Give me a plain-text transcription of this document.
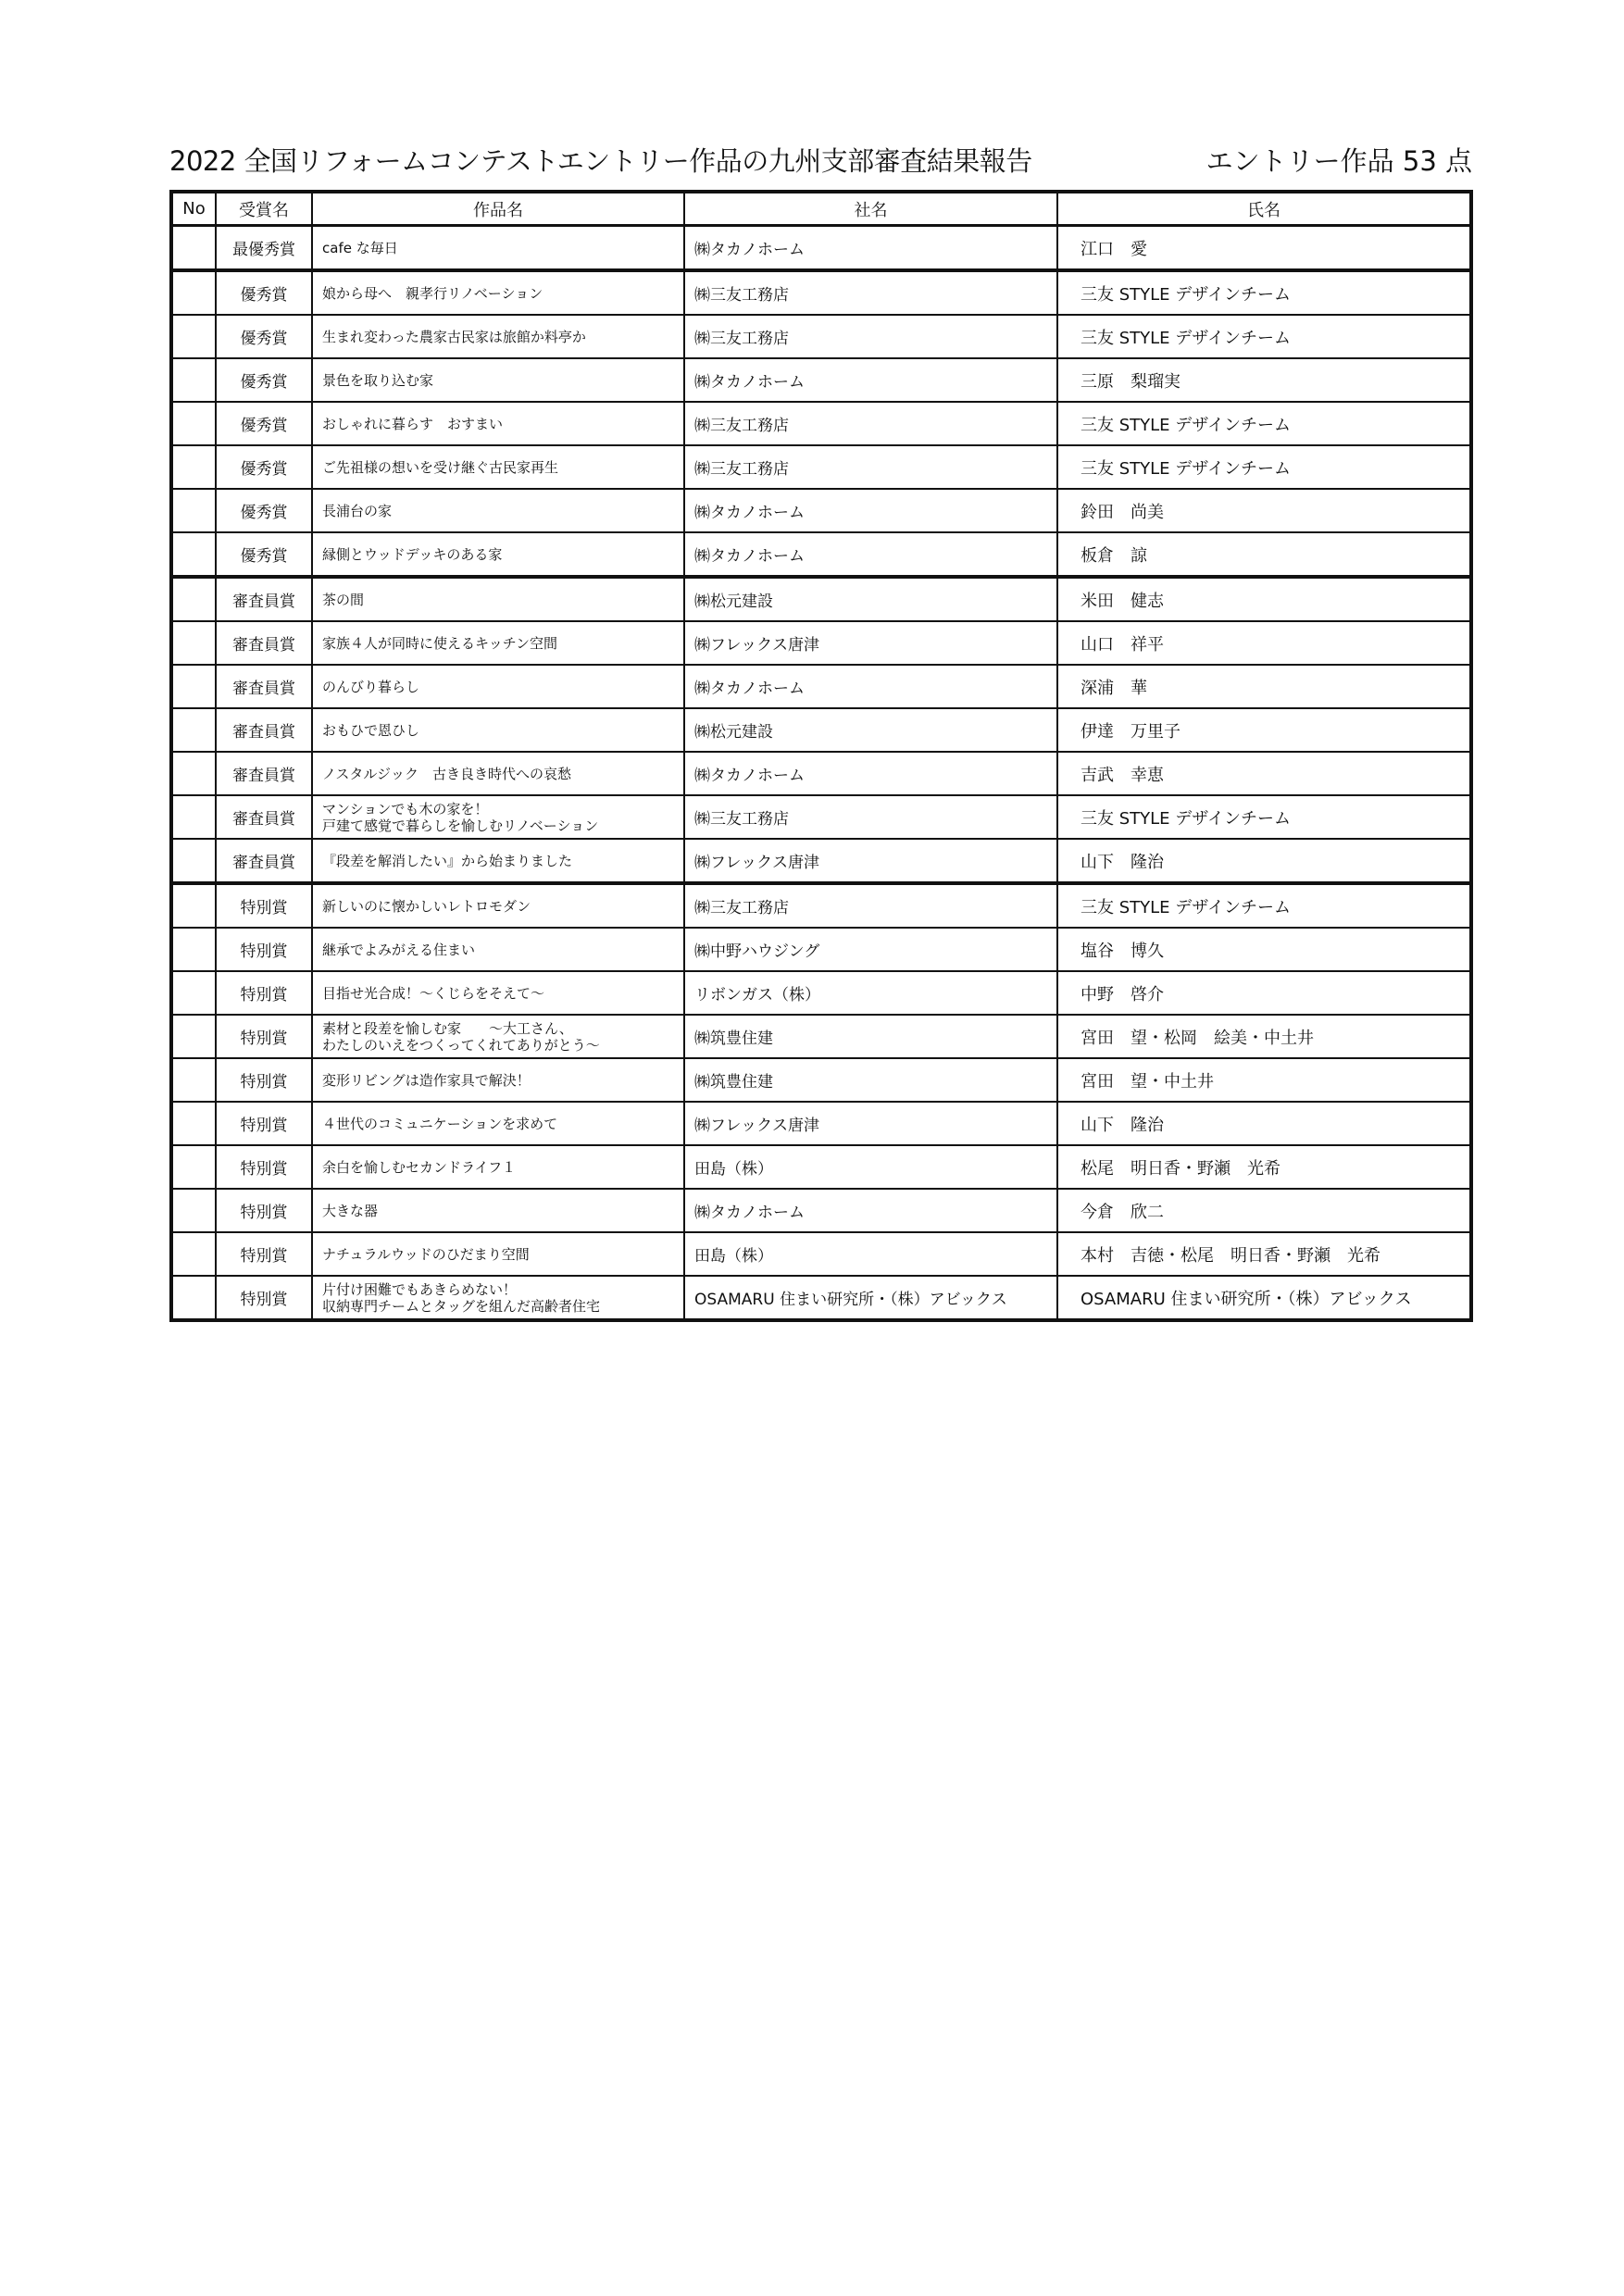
2022 全国リフォームコンテストエントリー作品の九州支部審査結果報告	エントリー作品 53 点
No	受賞名	作品名	社名	氏名
	最優秀賞	cafe な毎日	㈱タカノホーム	江口　愛
	優秀賞	娘から母へ　親孝行リノベーション	㈱三友工務店	三友 STYLE デザインチーム
	優秀賞	生まれ変わった農家古民家は旅館か料亭か	㈱三友工務店	三友 STYLE デザインチーム
	優秀賞	景色を取り込む家	㈱タカノホーム	三原　梨瑠実
	優秀賞	おしゃれに暮らす　おすまい	㈱三友工務店	三友 STYLE デザインチーム
	優秀賞	ご先祖様の想いを受け継ぐ古民家再生	㈱三友工務店	三友 STYLE デザインチーム
	優秀賞	長浦台の家	㈱タカノホーム	鈴田　尚美
	優秀賞	縁側とウッドデッキのある家	㈱タカノホーム	板倉　諒
	審査員賞	茶の間	㈱松元建設	米田　健志
	審査員賞	家族４人が同時に使えるキッチン空間	㈱フレックス唐津	山口　祥平
	審査員賞	のんびり暮らし	㈱タカノホーム	深浦　華
	審査員賞	おもひで恩ひし	㈱松元建設	伊達　万里子
	審査員賞	ノスタルジック　古き良き時代への哀愁	㈱タカノホーム	吉武　幸恵
	審査員賞	マンションでも木の家を！
戸建て感覚で暮らしを愉しむリノベーション	㈱三友工務店	三友 STYLE デザインチーム
	審査員賞	『段差を解消したい』から始まりました	㈱フレックス唐津	山下　隆治
	特別賞	新しいのに懐かしいレトロモダン	㈱三友工務店	三友 STYLE デザインチーム
	特別賞	継承でよみがえる住まい	㈱中野ハウジング	塩谷　博久
	特別賞	目指せ光合成！～くじらをそえて～	リボンガス（株）	中野　啓介
	特別賞	素材と段差を愉しむ家　　～大工さん、
わたしのいえをつくってくれてありがとう～	㈱筑豊住建	宮田　望・松岡　絵美・中土井
	特別賞	変形リビングは造作家具で解決！	㈱筑豊住建	宮田　望・中土井
	特別賞	４世代のコミュニケーションを求めて	㈱フレックス唐津	山下　隆治
	特別賞	余白を愉しむセカンドライフ１	田島（株）	松尾　明日香・野瀬　光希
	特別賞	大きな器	㈱タカノホーム	今倉　欣二
	特別賞	ナチュラルウッドのひだまり空間	田島（株）	本村　吉徳・松尾　明日香・野瀬　光希
	特別賞	片付け困難でもあきらめない！
収納専門チームとタッグを組んだ高齢者住宅	OSAMARU 住まい研究所・（株）アビックス	OSAMARU 住まい研究所・（株）アビックス
